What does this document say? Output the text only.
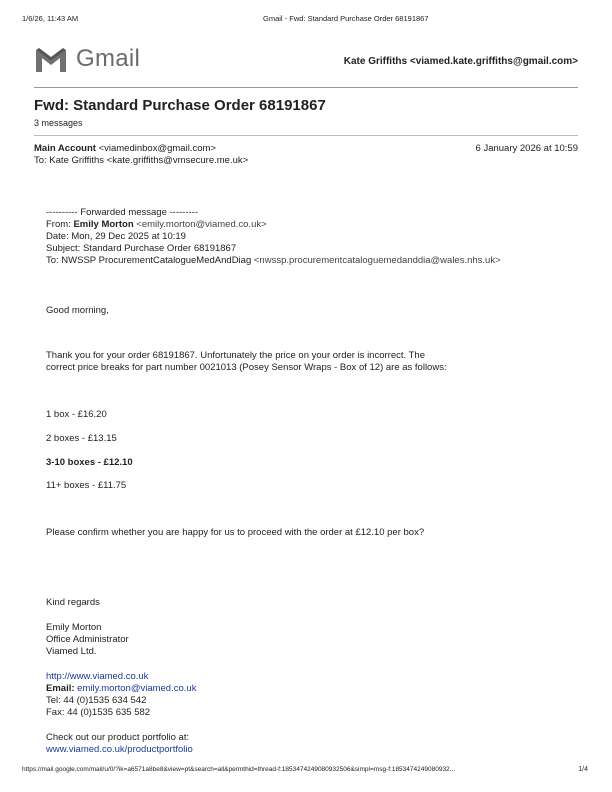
1/6/26, 11:43 AM	Gmail - Fwd: Standard Purchase Order 68191867
Gmail	Kate Griffiths <viamed.kate.griffiths@gmail.com>
Fwd: Standard Purchase Order 68191867
3 messages
Main Account <viamedinbox@gmail.com>	6 January 2026 at 10:59
To: Kate Griffiths <kate.griffiths@vmsecure.me.uk>
---------- Forwarded message ---------
From: Emily Morton <emily.morton@viamed.co.uk>
Date: Mon, 29 Dec 2025 at 10:19
Subject: Standard Purchase Order 68191867
To: NWSSP ProcurementCatalogueMedAndDiag <nwssp.procurementcataloguemedanddia@wales.nhs.uk>
Good morning,
Thank you for your order 68191867. Unfortunately the price on your order is incorrect. The
correct price breaks for part number 0021013 (Posey Sensor Wraps - Box of 12) are as follows:
1 box - £16.20
2 boxes - £13.15
3-10 boxes - £12.10
11+ boxes - £11.75
Please confirm whether you are happy for us to proceed with the order at £12.10 per box?
Kind regards
Emily Morton
Office Administrator
Viamed Ltd.
http://www.viamed.co.uk
Email: emily.morton@viamed.co.uk
Tel: 44 (0)1535 634 542
Fax: 44 (0)1535 635 582
Check out our product portfolio at:
www.viamed.co.uk/productportfolio
https://mail.google.com/mail/u/0/?ik=a6571a8be8&view=pt&search=all&permthid=thread-f:1853474249080932506&simpl=msg-f:1853474249080932...	1/4
